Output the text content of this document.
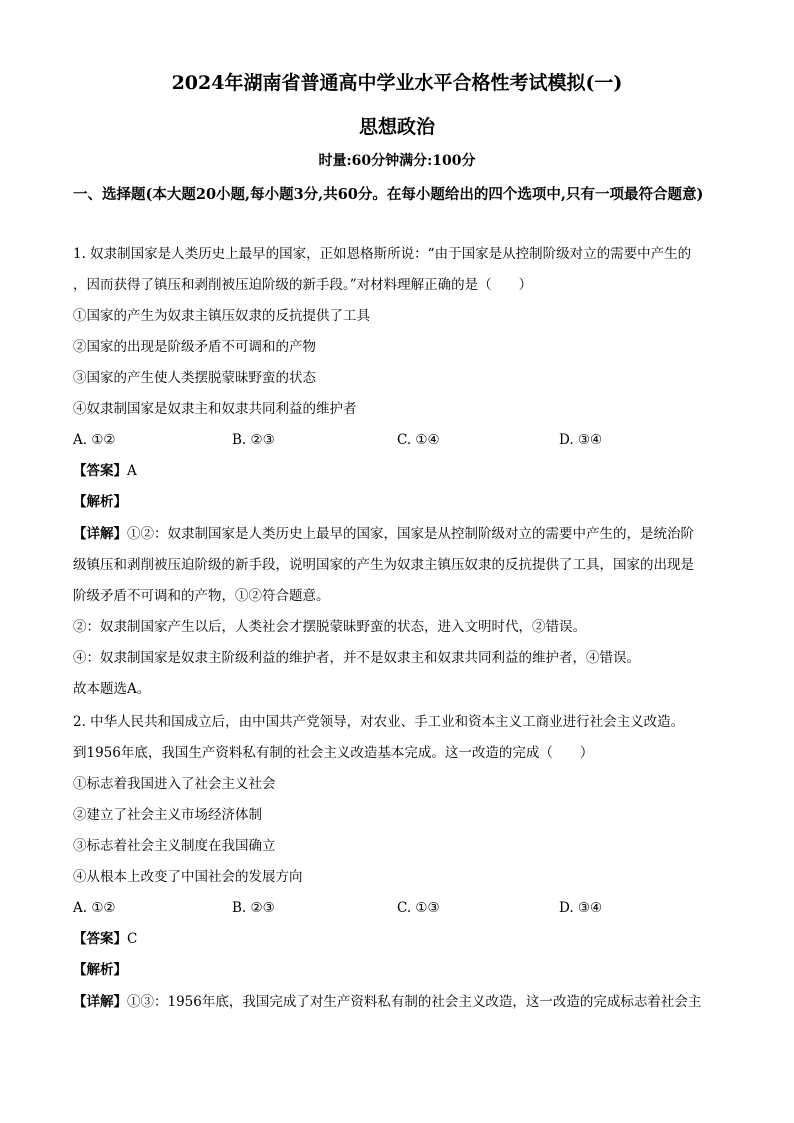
2024年湖南省普通高中学业水平合格性考试模拟(一)
思想政治
时量:60分钟满分:100分
一、选择题(本大题20小题,每小题3分,共60分。在每小题给出的四个选项中,只有一项最符合题意)
1. 奴隶制国家是人类历史上最早的国家，正如恩格斯所说：“由于国家是从控制阶级对立的需要中产生的
，因而获得了镇压和剥削被压迫阶级的新手段。”对材料理解正确的是（　　）
①国家的产生为奴隶主镇压奴隶的反抗提供了工具
②国家的出现是阶级矛盾不可调和的产物
③国家的产生使人类摆脱蒙昧野蛮的状态
④奴隶制国家是奴隶主和奴隶共同利益的维护者
A. ①②	B. ②③	C. ①④	D. ③④
【答案】A
【解析】
【详解】①②：奴隶制国家是人类历史上最早的国家，国家是从控制阶级对立的需要中产生的，是统治阶
级镇压和剥削被压迫阶级的新手段，说明国家的产生为奴隶主镇压奴隶的反抗提供了工具，国家的出现是
阶级矛盾不可调和的产物，①②符合题意。
②：奴隶制国家产生以后，人类社会才摆脱蒙昧野蛮的状态，进入文明时代，②错误。
④：奴隶制国家是奴隶主阶级利益的维护者，并不是奴隶主和奴隶共同利益的维护者，④错误。
故本题选A。
2. 中华人民共和国成立后，由中国共产党领导，对农业、手工业和资本主义工商业进行社会主义改造。
到1956年底，我国生产资料私有制的社会主义改造基本完成。这一改造的完成（　　）
①标志着我国进入了社会主义社会
②建立了社会主义市场经济体制
③标志着社会主义制度在我国确立
④从根本上改变了中国社会的发展方向
A. ①②	B. ②③	C. ①③	D. ③④
【答案】C
【解析】
【详解】①③：1956年底，我国完成了对生产资料私有制的社会主义改造，这一改造的完成标志着社会主
